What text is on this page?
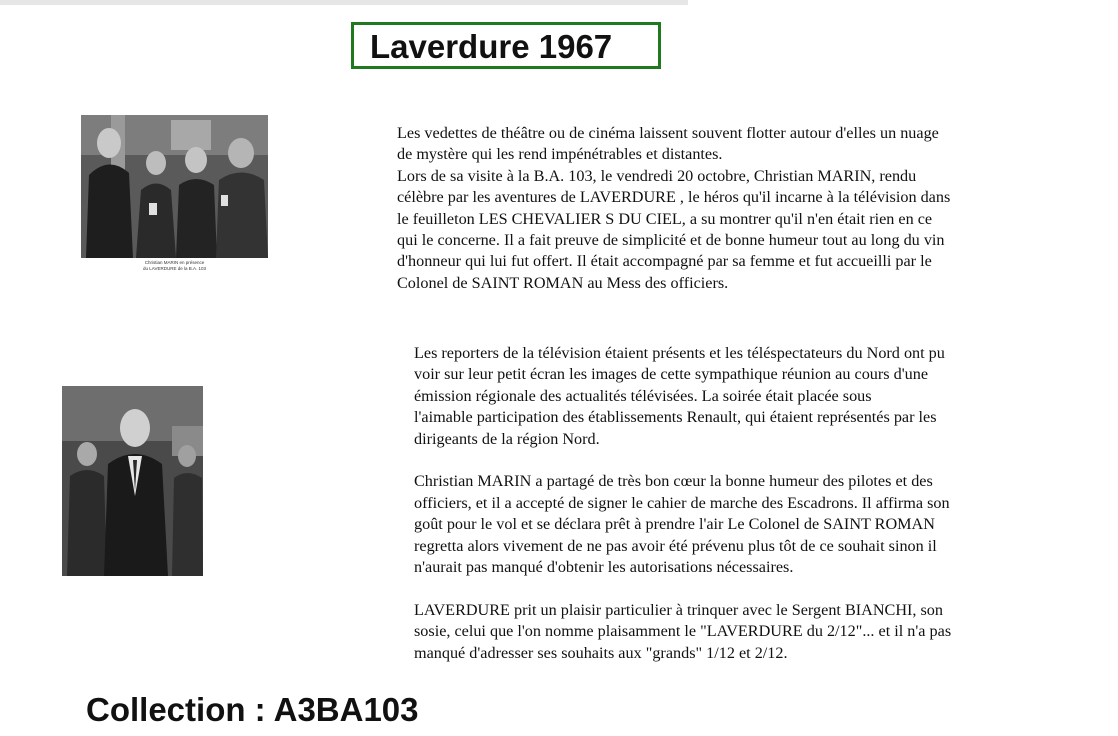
Laverdure 1967
Christian MARIN en présence
du LAVERDURE de la B.A. 103
Les vedettes de théâtre ou de cinéma laissent souvent flotter autour d'elles un nuage
de mystère qui les rend impénétrables et distantes.
Lors de sa visite à la B.A. 103, le vendredi 20 octobre, Christian MARIN, rendu
célèbre par les aventures de LAVERDURE , le héros qu'il incarne à la télévision dans
le feuilleton LES CHEVALIER S DU CIEL, a su montrer qu'il n'en était rien en ce
qui le concerne. Il a fait preuve de simplicité et de bonne humeur tout au long du vin
d'honneur qui lui fut offert. Il était accompagné par sa femme et fut accueilli par le
Colonel de SAINT ROMAN au Mess des officiers.
Les reporters de la télévision étaient présents et les téléspectateurs du Nord ont pu
voir sur leur petit écran les images de cette sympathique réunion au cours d'une
émission régionale des actualités télévisées. La soirée était placée sous
l'aimable participation des établissements Renault, qui étaient représentés par les
dirigeants de la région Nord.
Christian MARIN a partagé de très bon cœur la bonne humeur des pilotes et des
officiers, et il a accepté de signer le cahier de marche des Escadrons. Il affirma son
goût pour le vol et se déclara prêt à prendre l'air Le Colonel de SAINT ROMAN
regretta alors vivement de ne pas avoir été prévenu plus tôt de ce souhait sinon il
n'aurait pas manqué d'obtenir les autorisations nécessaires.
LAVERDURE prit un plaisir particulier à trinquer avec le Sergent BIANCHI, son
sosie, celui que l'on nomme plaisamment le "LAVERDURE du 2/12"... et il n'a pas
manqué d'adresser ses souhaits aux "grands" 1/12 et 2/12.
Collection : A3BA103
